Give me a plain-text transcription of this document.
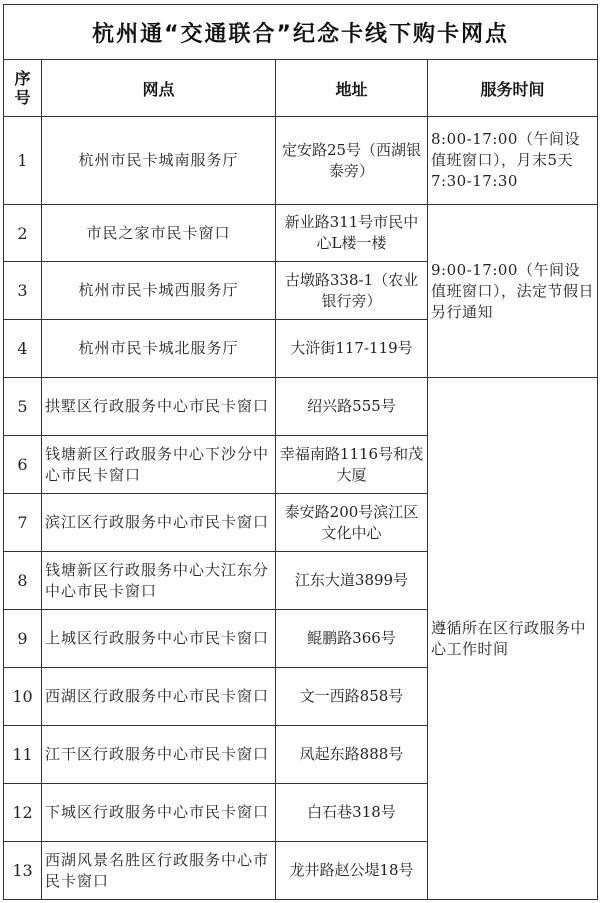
杭州通“交通联合”纪念卡线下购卡网点			
序号	网点	地址	服务时间
1	杭州市民卡城南服务厅	定安路25号（西湖银泰旁）	8:00-17:00（午间设值班窗口），月末5天7:30-17:30
2	市民之家市民卡窗口	新业路311号市民中心L楼一楼	9:00-17:00（午间设值班窗口），法定节假日另行通知
3	杭州市民卡城西服务厅	古墩路338-1（农业银行旁）	
4	杭州市民卡城北服务厅	大浒街117-119号	
5	拱墅区行政服务中心市民卡窗口	绍兴路555号	遵循所在区行政服务中心工作时间
6	钱塘新区行政服务中心下沙分中心市民卡窗口	幸福南路1116号和茂大厦	
7	滨江区行政服务中心市民卡窗口	泰安路200号滨江区文化中心	
8	钱塘新区行政服务中心大江东分中心市民卡窗口	江东大道3899号	
9	上城区行政服务中心市民卡窗口	鲲鹏路366号	
10	西湖区行政服务中心市民卡窗口	文一西路858号	
11	江干区行政服务中心市民卡窗口	凤起东路888号	
12	下城区行政服务中心市民卡窗口	白石巷318号	
13	西湖风景名胜区行政服务中心市民卡窗口	龙井路赵公堤18号	
